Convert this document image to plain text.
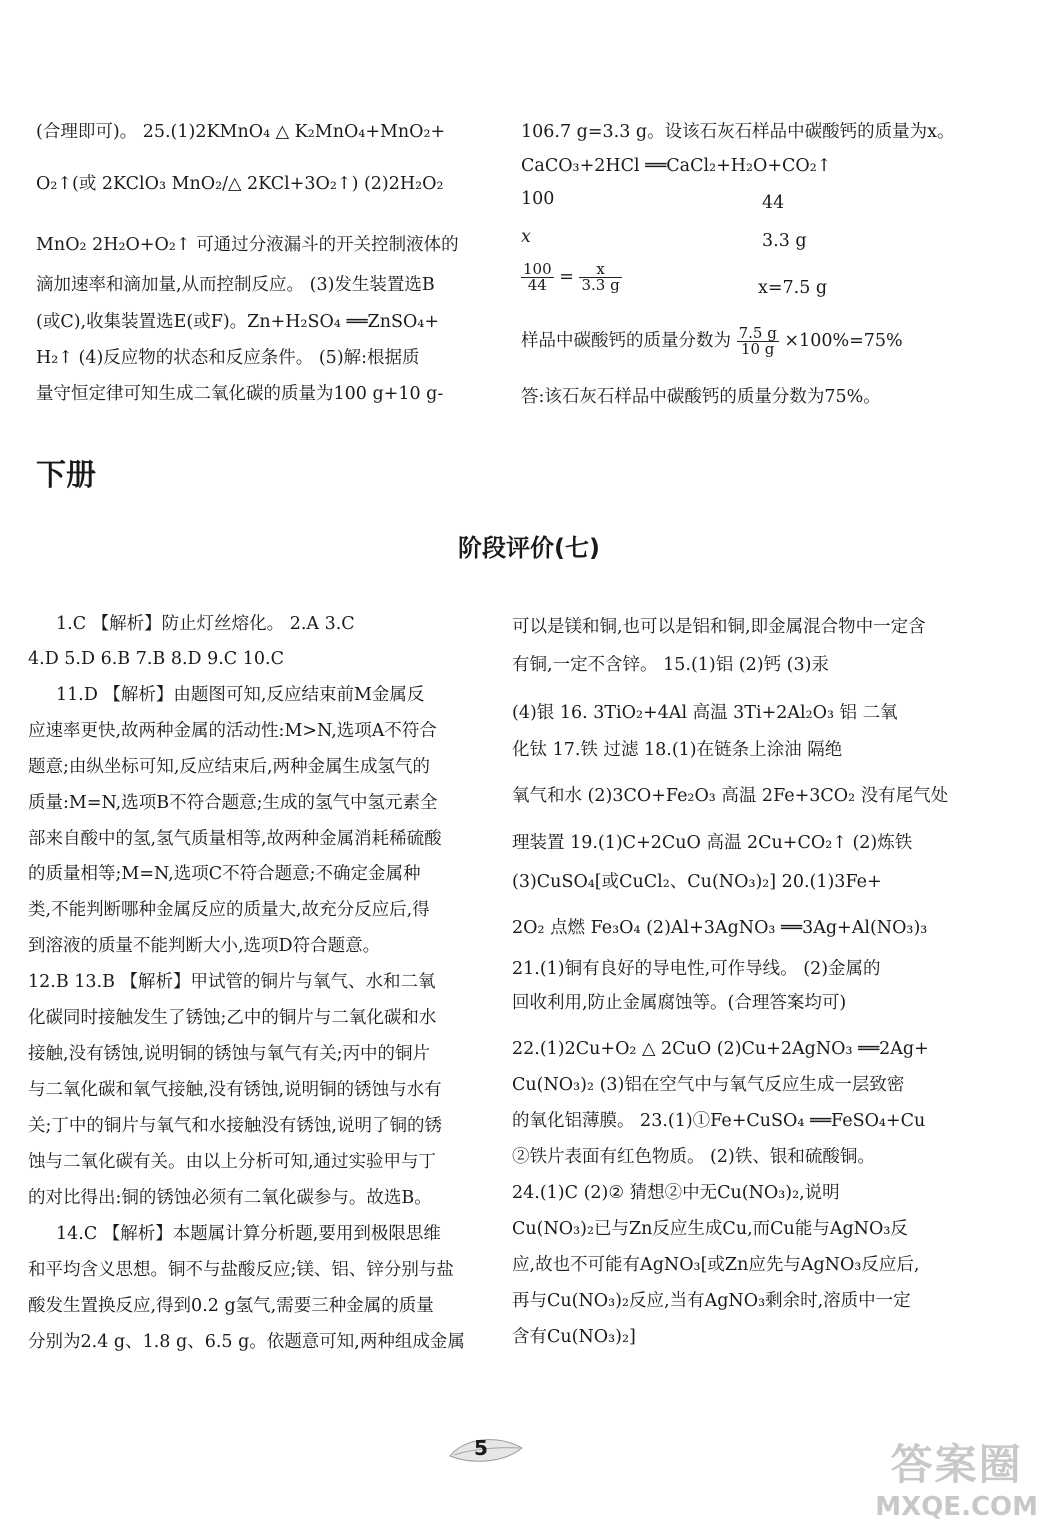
(合理即可)。 25.(1)2KMnO₄ △ K₂MnO₄+MnO₂+
O₂↑(或 2KClO₃ MnO₂/△ 2KCl+3O₂↑) (2)2H₂O₂
MnO₂ 2H₂O+O₂↑ 可通过分液漏斗的开关控制液体的
滴加速率和滴加量,从而控制反应。 (3)发生装置选B
(或C),收集装置选E(或F)。Zn+H₂SO₄ ══ZnSO₄+
H₂↑ (4)反应物的状态和反应条件。 (5)解:根据质
量守恒定律可知生成二氧化碳的质量为100 g+10 g-
106.7 g=3.3 g。设该石灰石样品中碳酸钙的质量为x。
CaCO₃+2HCl ══CaCl₂+H₂O+CO₂↑
100	44
x	3.3 g
$\frac{100}{44} = \frac{x}{3.3 g}$	x=7.5 g
样品中碳酸钙的质量分数为 $\frac{7.5 g}{10 g} \times 100\%=75\%$
答:该石灰石样品中碳酸钙的质量分数为75%。
下册
阶段评价(七)
1.C 【解析】防止灯丝熔化。 2.A 3.C
4.D 5.D 6.B 7.B 8.D 9.C 10.C
11.D 【解析】由题图可知,反应结束前M金属反
应速率更快,故两种金属的活动性:M>N,选项A不符合
题意;由纵坐标可知,反应结束后,两种金属生成氢气的
质量:M=N,选项B不符合题意;生成的氢气中氢元素全
部来自酸中的氢,氢气质量相等,故两种金属消耗稀硫酸
的质量相等;M=N,选项C不符合题意;不确定金属种
类,不能判断哪种金属反应的质量大,故充分反应后,得
到溶液的质量不能判断大小,选项D符合题意。
12.B 13.B 【解析】甲试管的铜片与氧气、水和二氧
化碳同时接触发生了锈蚀;乙中的铜片与二氧化碳和水
接触,没有锈蚀,说明铜的锈蚀与氧气有关;丙中的铜片
与二氧化碳和氧气接触,没有锈蚀,说明铜的锈蚀与水有
关;丁中的铜片与氧气和水接触没有锈蚀,说明了铜的锈
蚀与二氧化碳有关。由以上分析可知,通过实验甲与丁
的对比得出:铜的锈蚀必须有二氧化碳参与。故选B。
14.C 【解析】本题属计算分析题,要用到极限思维
和平均含义思想。铜不与盐酸反应;镁、铝、锌分别与盐
酸发生置换反应,得到0.2 g氢气,需要三种金属的质量
分别为2.4 g、1.8 g、6.5 g。依题意可知,两种组成金属
可以是镁和铜,也可以是铝和铜,即金属混合物中一定含
有铜,一定不含锌。 15.(1)铝 (2)钙 (3)汞
(4)银 16. 3TiO₂+4Al 高温 3Ti+2Al₂O₃ 铝 二氧
化钛 17.铁 过滤 18.(1)在链条上涂油 隔绝
氧气和水 (2)3CO+Fe₂O₃ 高温 2Fe+3CO₂ 没有尾气处
理装置 19.(1)C+2CuO 高温 2Cu+CO₂↑ (2)炼铁
(3)CuSO₄[或CuCl₂、Cu(NO₃)₂] 20.(1)3Fe+
2O₂ 点燃 Fe₃O₄ (2)Al+3AgNO₃ ══3Ag+Al(NO₃)₃
21.(1)铜有良好的导电性,可作导线。 (2)金属的
回收利用,防止金属腐蚀等。(合理答案均可)
22.(1)2Cu+O₂ △ 2CuO (2)Cu+2AgNO₃ ══2Ag+
Cu(NO₃)₂ (3)铝在空气中与氧气反应生成一层致密
的氧化铝薄膜。 23.(1)①Fe+CuSO₄ ══FeSO₄+Cu
②铁片表面有红色物质。 (2)铁、银和硫酸铜。
24.(1)C (2)② 猜想②中无Cu(NO₃)₂,说明
Cu(NO₃)₂已与Zn反应生成Cu,而Cu能与AgNO₃反
应,故也不可能有AgNO₃[或Zn应先与AgNO₃反应后,
再与Cu(NO₃)₂反应,当有AgNO₃剩余时,溶质中一定
含有Cu(NO₃)₂]
5	答案圈
MXQE.COM
